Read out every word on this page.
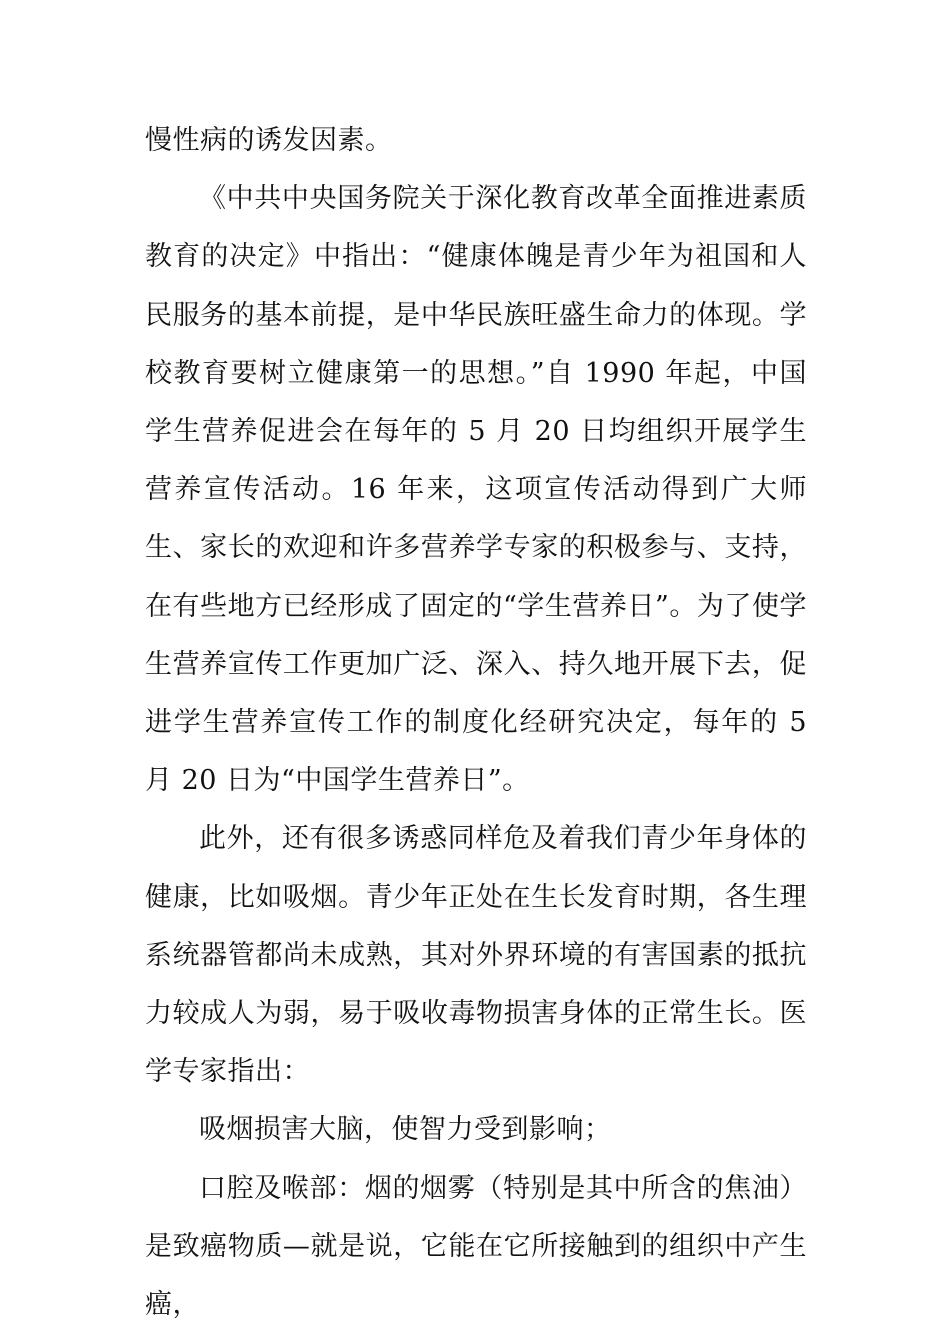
慢性病的诱发因素。

《中共中央国务院关于深化教育改革全面推进素质教育的决定》中指出：“健康体魄是青少年为祖国和人民服务的基本前提，是中华民族旺盛生命力的体现。学校教育要树立健康第一的思想。”自 1990 年起，中国学生营养促进会在每年的 5 月 20 日均组织开展学生营养宣传活动。16 年来，这项宣传活动得到广大师生、家长的欢迎和许多营养学专家的积极参与、支持，在有些地方已经形成了固定的“学生营养日”。为了使学生营养宣传工作更加广泛、深入、持久地开展下去，促进学生营养宣传工作的制度化经研究决定，每年的 5 月 20 日为“中国学生营养日”。

此外，还有很多诱惑同样危及着我们青少年身体的健康，比如吸烟。青少年正处在生长发育时期，各生理系统器管都尚未成熟，其对外界环境的有害国素的抵抗力较成人为弱，易于吸收毒物损害身体的正常生长。医学专家指出：

吸烟损害大脑，使智力受到影响；

口腔及喉部：烟的烟雾（特别是其中所含的焦油）是致癌物质—就是说，它能在它所接触到的组织中产生癌，
